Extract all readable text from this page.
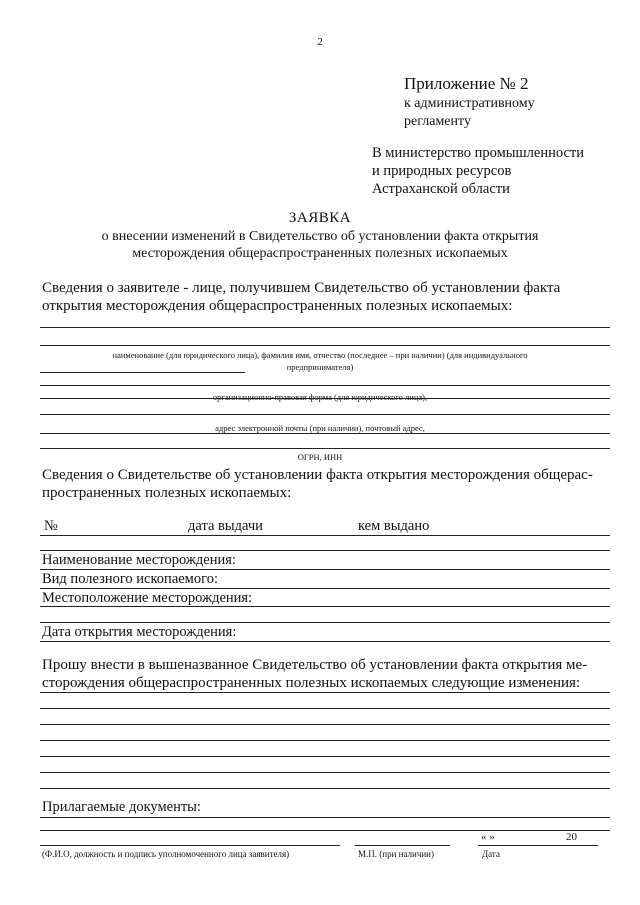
2
Приложение № 2
к административному
регламенту
В министерство промышленности
и природных ресурсов
Астраханской области
ЗАЯВКА
о внесении изменений в Свидетельство об установлении факта открытия
месторождения общераспространенных полезных ископаемых
Сведения о заявителе - лице, получившем Свидетельство об установлении факта
открытия месторождения общераспространенных полезных ископаемых:
наименование (для юридического лица), фамилия имя, отчество (последнее – при наличии) (для индивидуального
предпринимателя)
организационно-правовая форма (для юридического лица),
адрес электронной почты (при наличии), почтовый адрес,
ОГРН, ИНН
Сведения о Свидетельстве об установлении факта открытия месторождения общерас-
пространенных полезных ископаемых:
№	дата выдачи	кем выдано
Наименование месторождения:
Вид полезного ископаемого:
Местоположение месторождения:
Дата открытия месторождения:
Прошу внести в вышеназванное Свидетельство об установлении факта открытия ме-
сторождения общераспространенных полезных ископаемых следующие изменения:
Прилагаемые документы:
« »	20
(Ф.И.О, должность и подпись уполномоченного лица заявителя)	М.П. (при наличии)	Дата
